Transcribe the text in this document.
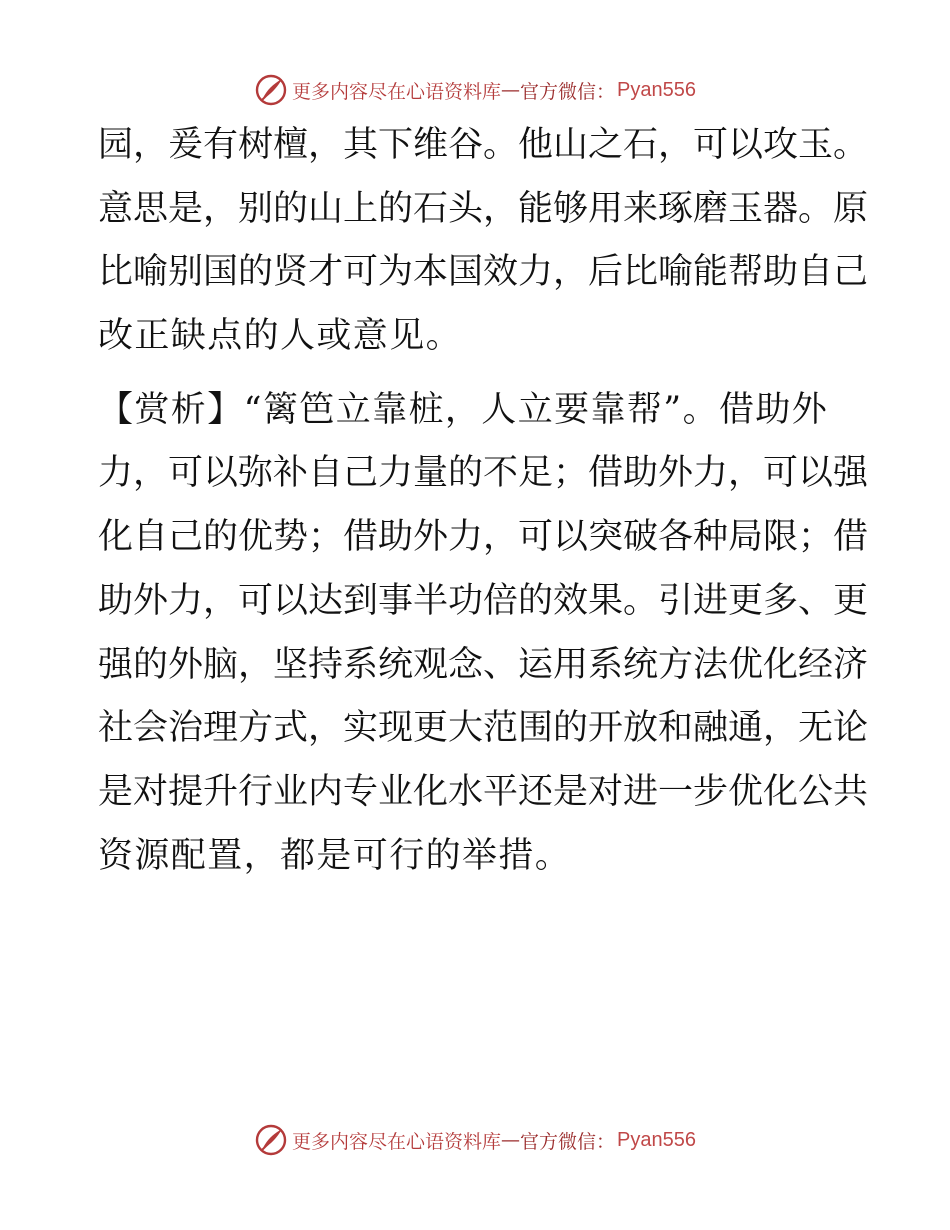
更多内容尽在心语资料库 — 官方微信： Pyan556
园，爰有树檀，其下维谷。他山之石，可以攻玉。
意思是，别的山上的石头，能够用来琢磨玉器。原
比喻别国的贤才可为本国效力，后比喻能帮助自己
改正缺点的人或意见。
【赏析】“篱笆立靠桩，人立要靠帮”。借助外
力，可以弥补自己力量的不足；借助外力，可以强
化自己的优势；借助外力，可以突破各种局限；借
助外力，可以达到事半功倍的效果。引进更多、更
强的外脑，坚持系统观念、运用系统方法优化经济
社会治理方式，实现更大范围的开放和融通，无论
是对提升行业内专业化水平还是对进一步优化公共
资源配置，都是可行的举措。
更多内容尽在心语资料库 — 官方微信： Pyan556
